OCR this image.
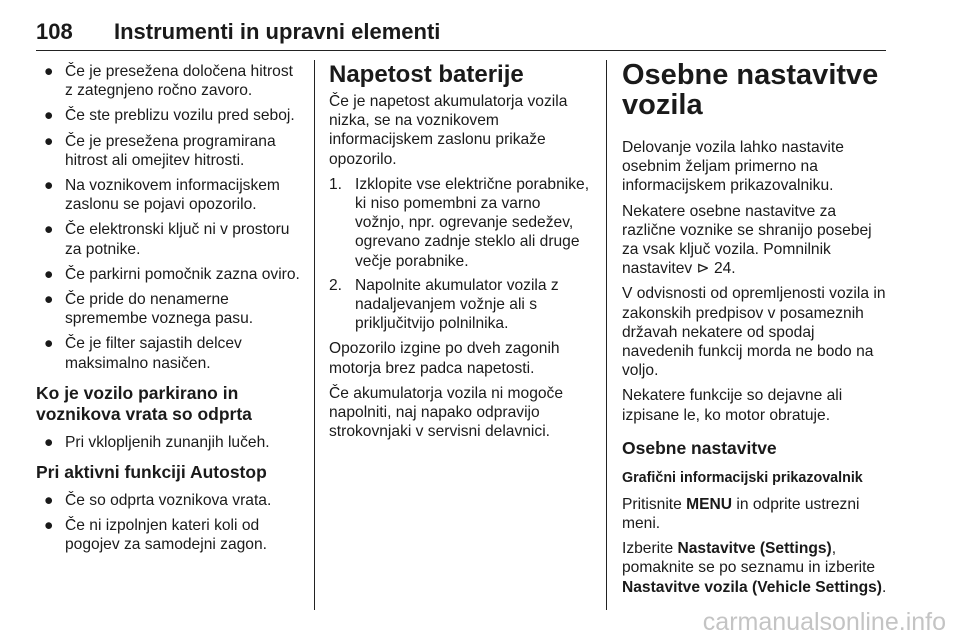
108 Instrumenti in upravni elementi
● Če je presežena določena hitrost z zategnjeno ročno zavoro.
● Če ste preblizu vozilu pred seboj.
● Če je presežena programirana hitrost ali omejitev hitrosti.
● Na voznikovem informacijskem zaslonu se pojavi opozorilo.
● Če elektronski ključ ni v prostoru za potnike.
● Če parkirni pomočnik zazna oviro.
● Če pride do nenamerne spremembe voznega pasu.
● Če je filter sajastih delcev maksimalno nasičen.
Ko je vozilo parkirano in voznikova vrata so odprta
● Pri vklopljenih zunanjih lučeh.
Pri aktivni funkciji Autostop
● Če so odprta voznikova vrata.
● Če ni izpolnjen kateri koli od pogojev za samodejni zagon.
Napetost baterije

Če je napetost akumulatorja vozila nizka, se na voznikovem informacijskem zaslonu prikaže opozorilo.

1. Izklopite vse električne porabnike, ki niso pomembni za varno vožnjo, npr. ogrevanje sedežev, ogrevano zadnje steklo ali druge večje porabnike.
2. Napolnite akumulator vozila z nadaljevanjem vožnje ali s priključitvijo polnilnika.

Opozorilo izgine po dveh zagonih motorja brez padca napetosti.

Če akumulatorja vozila ni mogoče napolniti, naj napako odpravijo strokovnjaki v servisni delavnici.

Osebne nastavitve vozila

Delovanje vozila lahko nastavite osebnim željam primerno na informacijskem prikazovalniku.

Nekatere osebne nastavitve za različne voznike se shranijo posebej za vsak ključ vozila. Pomnilnik nastavitev ⊳ 24.

V odvisnosti od opremljenosti vozila in zakonskih predpisov v posameznih državah nekatere od spodaj navedenih funkcij morda ne bodo na voljo.

Nekatere funkcije so dejavne ali izpisane le, ko motor obratuje.

Osebne nastavitve
Grafični informacijski prikazovalnik

Pritisnite MENU in odprite ustrezni meni.

Izberite Nastavitve (Settings), pomaknite se po seznamu in izberite Nastavitve vozila (Vehicle Settings).

carmanualsonline.info
